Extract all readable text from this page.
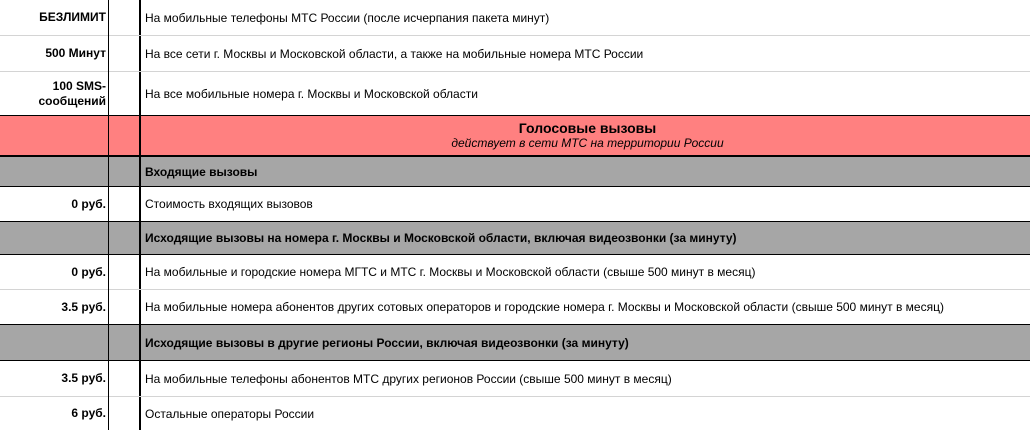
БЕЗЛИМИТ	На мобильные телефоны МТС России (после исчерпания пакета минут)
500 Минут	На все сети г. Москвы и Московской области, а также на мобильные номера МТС России
100 SMS-сообщений	На все мобильные номера г. Москвы и Московской области
Голосовые вызовы
действует в сети МТС на территории России
Входящие вызовы
0 руб.	Стоимость входящих вызовов
Исходящие вызовы на номера г. Москвы и Московской области, включая видеозвонки (за минуту)
0 руб.	На мобильные и городские номера МГТС и МТС г. Москвы и Московской области (свыше 500 минут в месяц)
3.5 руб.	На мобильные номера абонентов других сотовых операторов и городские номера г. Москвы и Московской области (свыше 500 минут в месяц)
Исходящие вызовы в другие регионы России, включая видеозвонки (за минуту)
3.5 руб.	На мобильные телефоны абонентов МТС других регионов России (свыше 500 минут в месяц)
6 руб.	Остальные операторы России
